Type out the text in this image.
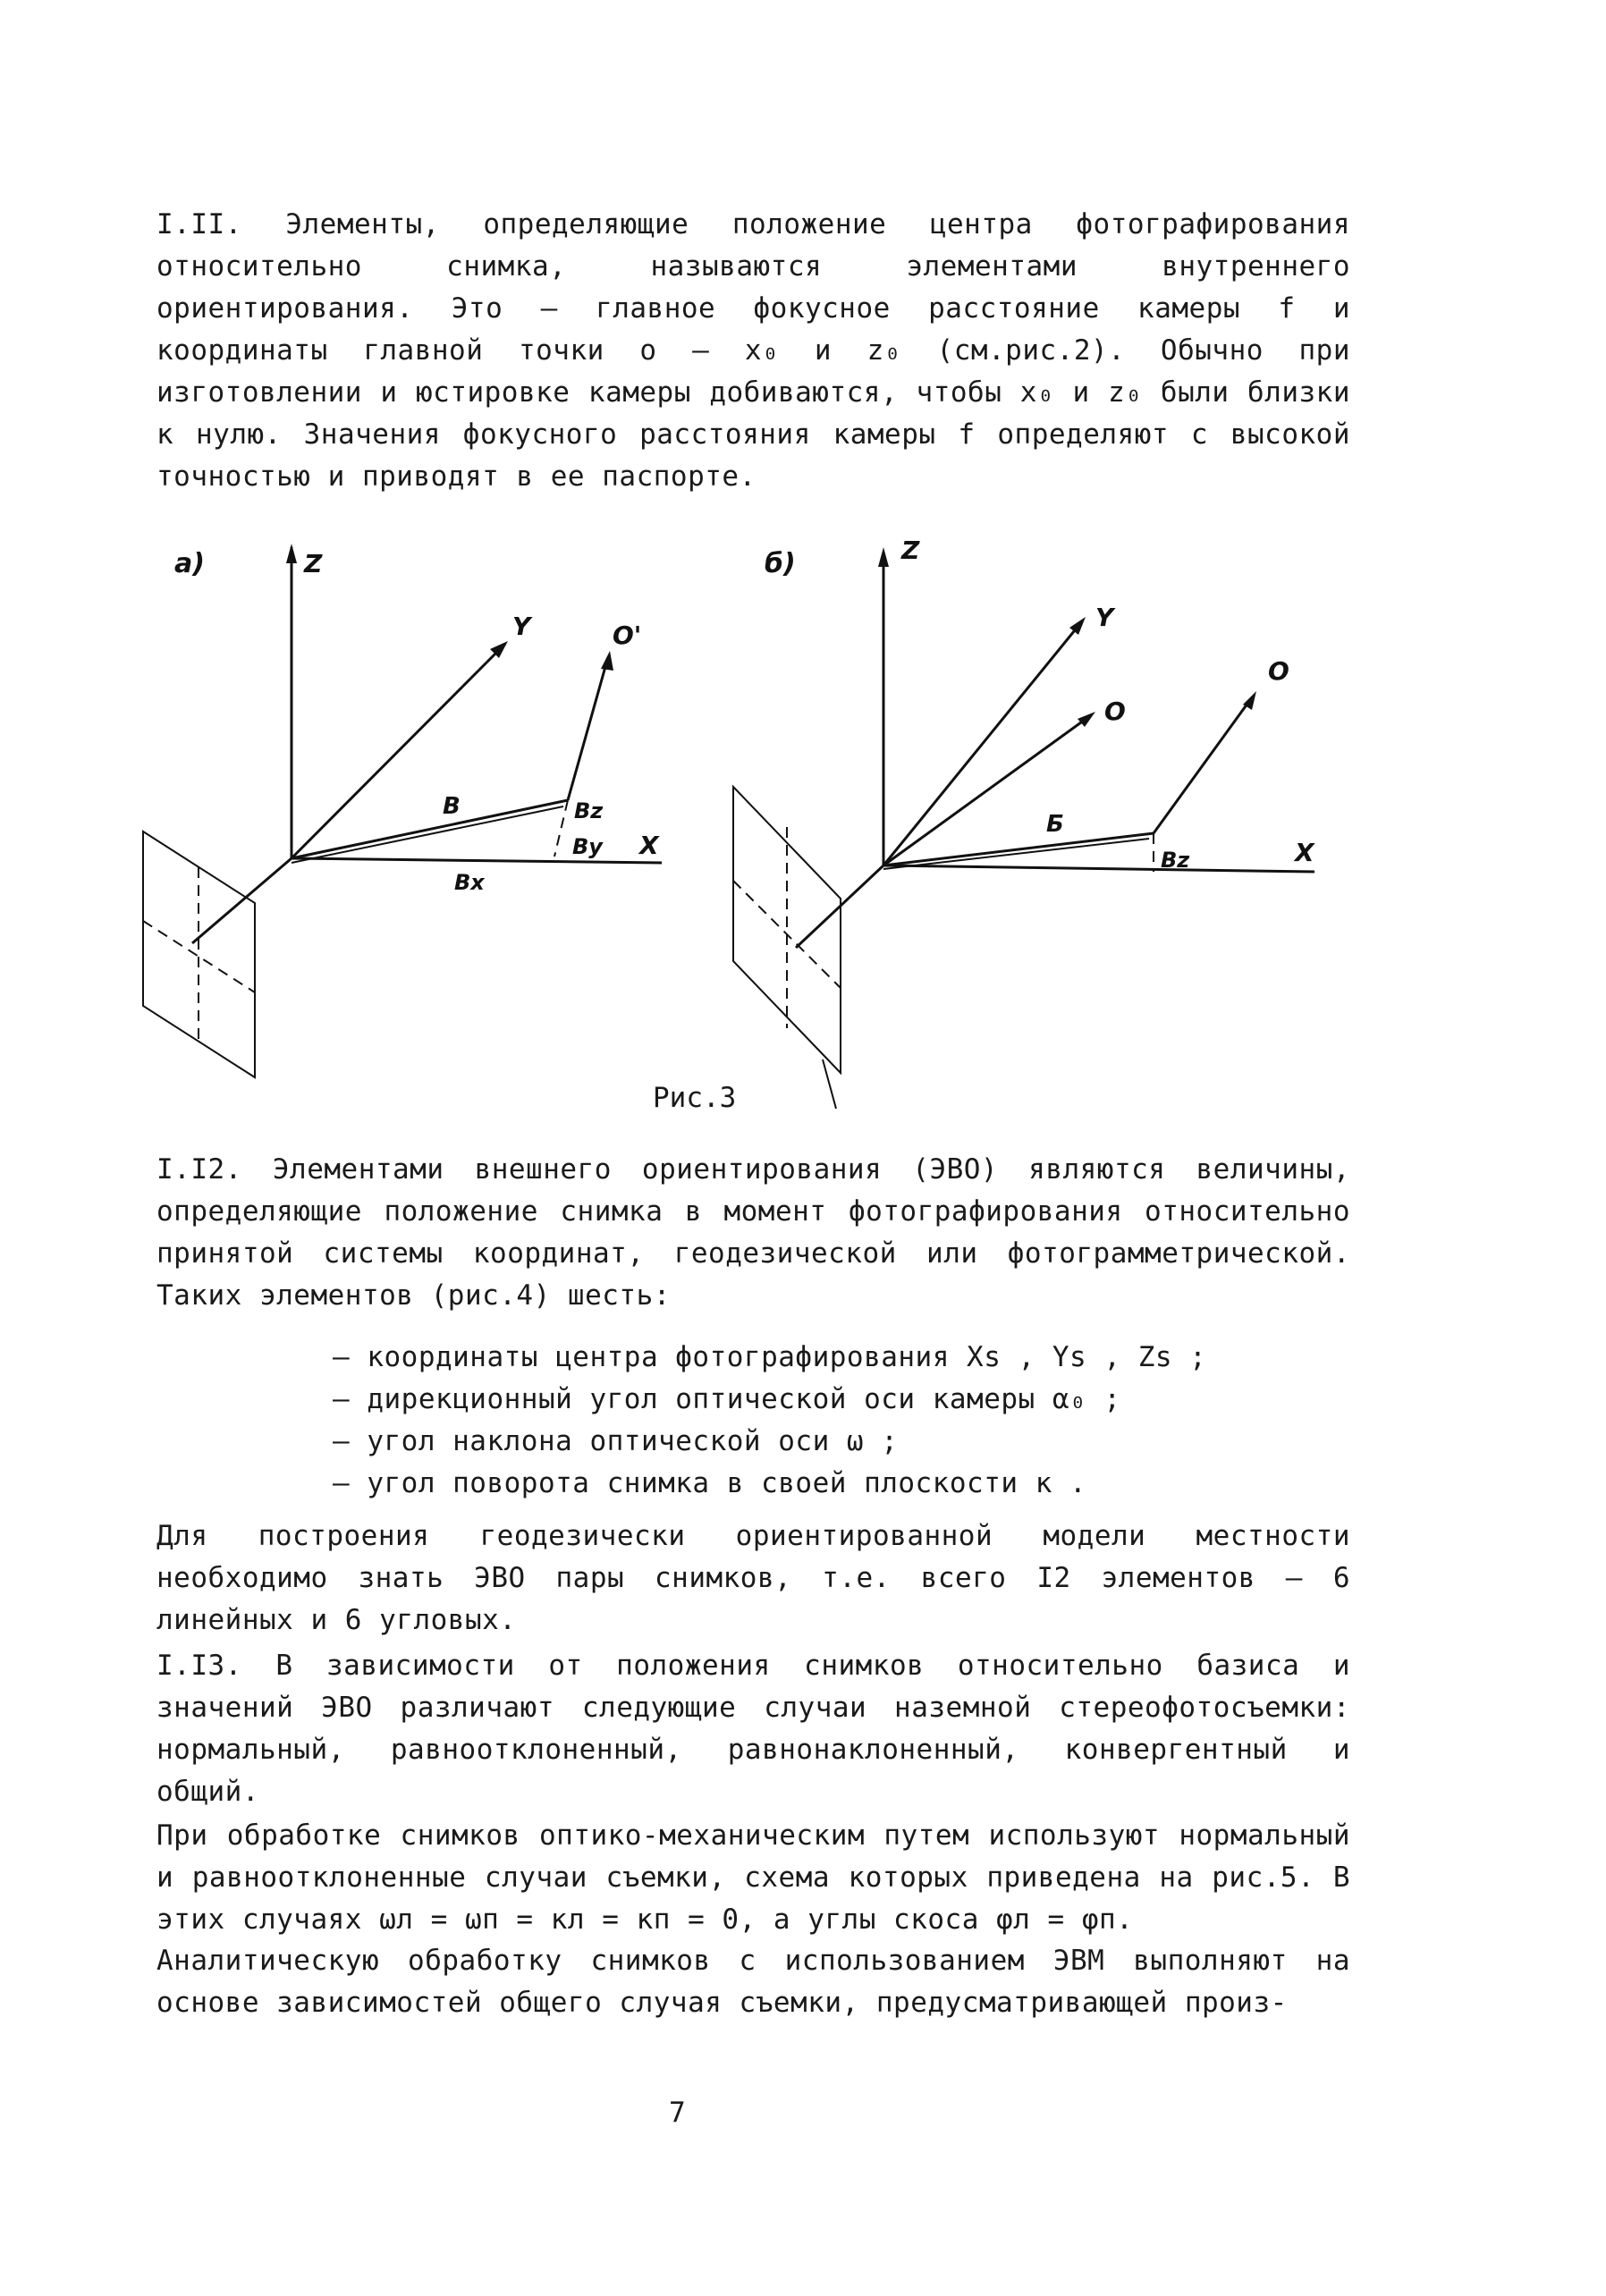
I.II. Элементы, определяющие положение центра фотографирования относительно снимка, называются элементами внутреннего ориентирования. Это – главное фокусное расстояние камеры f и координаты главной точки о – x₀ и z₀ (см.рис.2). Обычно при изготовлении и юстировке камеры добиваются, чтобы x₀ и z₀ были близки к нулю. Значения фокусного расстояния камеры f определяют с высокой точностью и приводят в ее паспорте.
а)	Z
Y
X
B
O'
Bz
By
Bx
б)	Z
Y
O
X
Б
O
Bz
Рис.3
I.I2. Элементами внешнего ориентирования (ЭВО) являются величины, определяющие положение снимка в момент фотографирования относительно принятой системы координат, геодезической или фотограмметрической. Таких элементов (рис.4) шесть:
– координаты центра фотографирования Xs , Ys , Zs ;
– дирекционный угол оптической оси камеры α₀ ;
– угол наклона оптической оси ω ;
– угол поворота снимка в своей плоскости κ .
Для построения геодезически ориентированной модели местности необходимо знать ЭВО пары снимков, т.е. всего I2 элементов – 6 линейных и 6 угловых.
I.I3. В зависимости от положения снимков относительно базиса и значений ЭВО различают следующие случаи наземной стереофотосъемки: нормальный, равноотклоненный, равнонаклоненный, конвергентный и общий.
При обработке снимков оптико-механическим путем используют нормальный и равноотклоненные случаи съемки, схема которых приведена на рис.5. В этих случаях ωл = ωп = κл = κп = 0, а углы скоса φл = φп.
Аналитическую обработку снимков с использованием ЭВМ выполняют на основе зависимостей общего случая съемки, предусматривающей произ-
7
